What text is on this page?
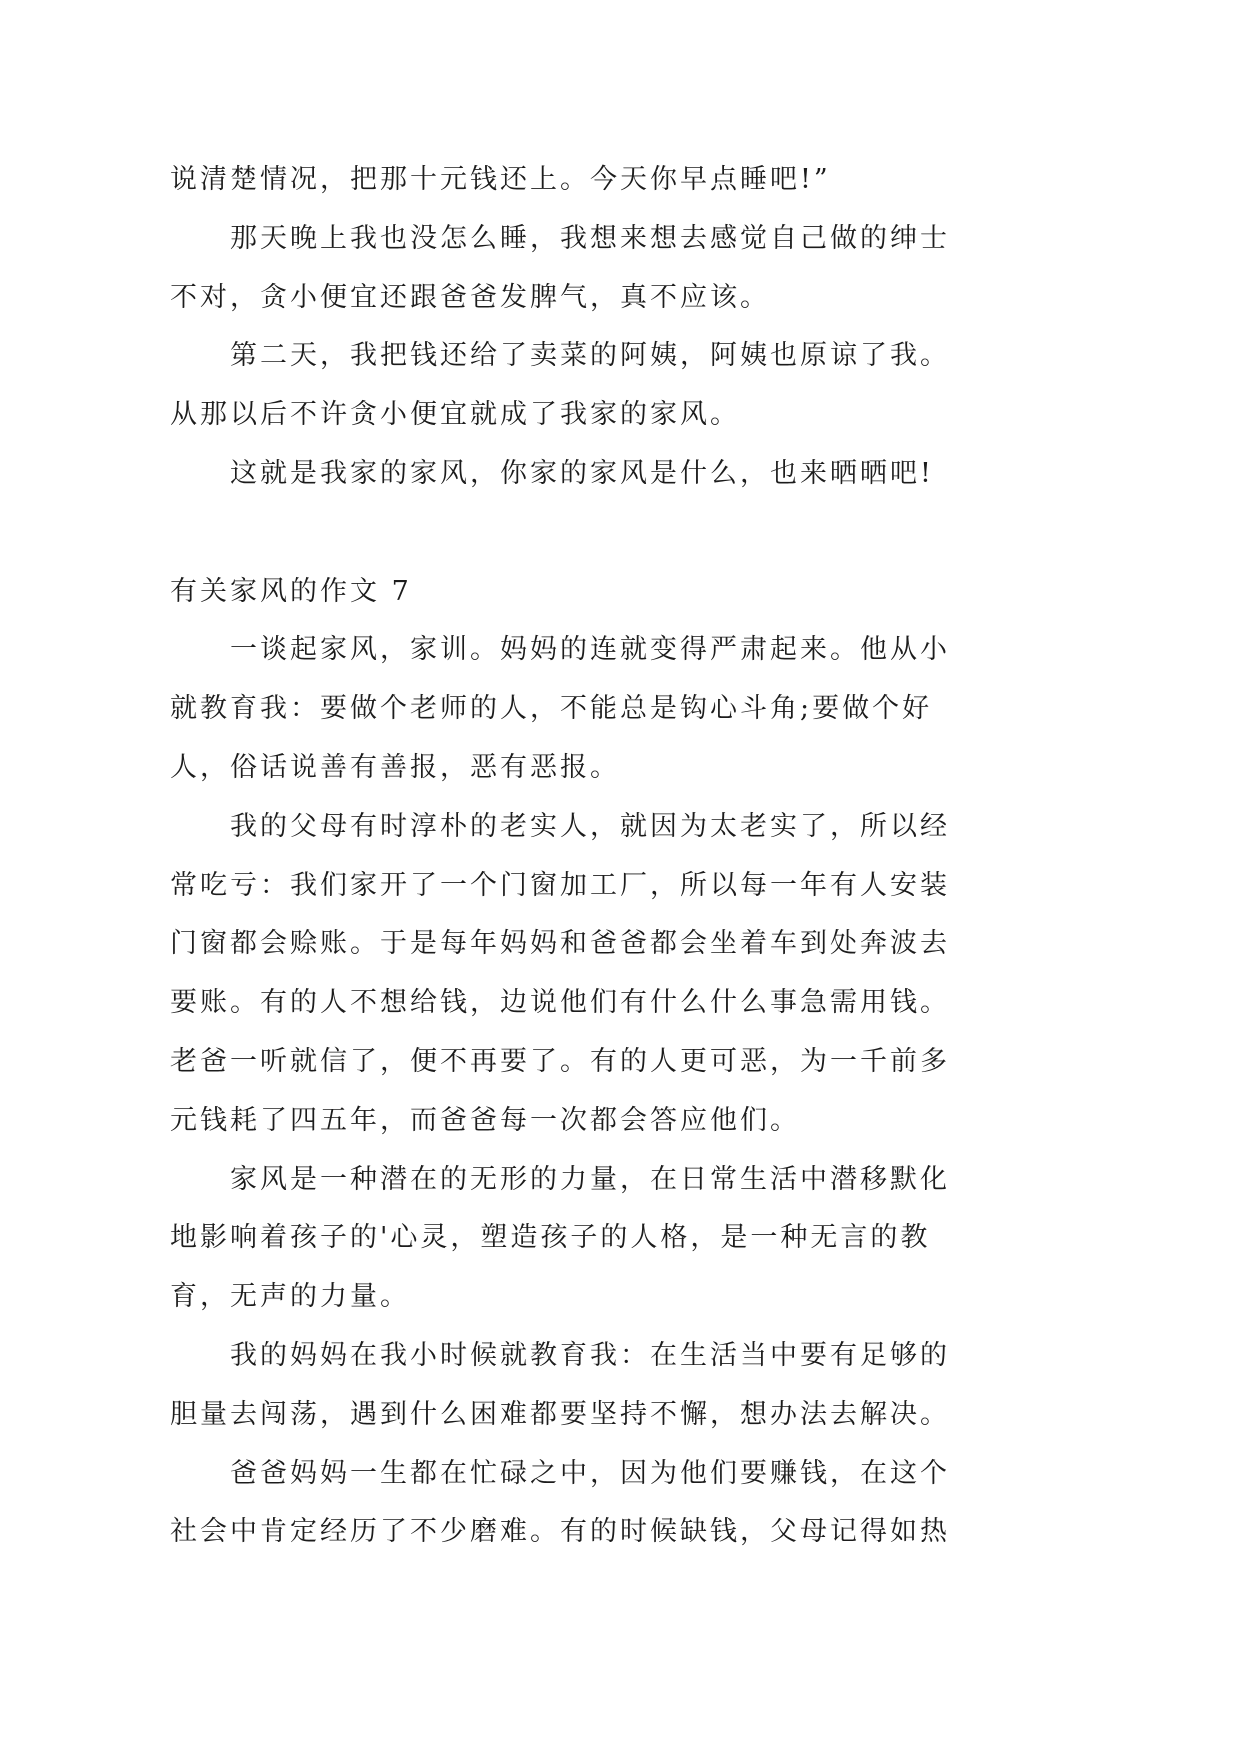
说清楚情况，把那十元钱还上。今天你早点睡吧!”
那天晚上我也没怎么睡，我想来想去感觉自己做的绅士
不对，贪小便宜还跟爸爸发脾气，真不应该。
第二天，我把钱还给了卖菜的阿姨，阿姨也原谅了我。
从那以后不许贪小便宜就成了我家的家风。
这就是我家的家风，你家的家风是什么，也来晒晒吧!
有关家风的作文 7
一谈起家风，家训。妈妈的连就变得严肃起来。他从小
就教育我：要做个老师的人，不能总是钩心斗角;要做个好
人，俗话说善有善报，恶有恶报。
我的父母有时淳朴的老实人，就因为太老实了，所以经
常吃亏：我们家开了一个门窗加工厂，所以每一年有人安装
门窗都会赊账。于是每年妈妈和爸爸都会坐着车到处奔波去
要账。有的人不想给钱，边说他们有什么什么事急需用钱。
老爸一听就信了，便不再要了。有的人更可恶，为一千前多
元钱耗了四五年，而爸爸每一次都会答应他们。
家风是一种潜在的无形的力量，在日常生活中潜移默化
地影响着孩子的'心灵，塑造孩子的人格，是一种无言的教
育，无声的力量。
我的妈妈在我小时候就教育我：在生活当中要有足够的
胆量去闯荡，遇到什么困难都要坚持不懈，想办法去解决。
爸爸妈妈一生都在忙碌之中，因为他们要赚钱，在这个
社会中肯定经历了不少磨难。有的时候缺钱，父母记得如热
